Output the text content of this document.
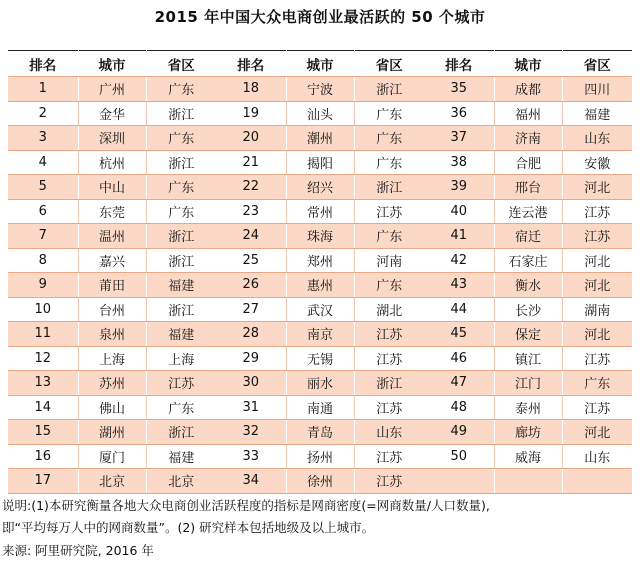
2015 年中国大众电商创业最活跃的 50 个城市
排名	城市	省区	排名	城市	省区	排名	城市	省区
1	广州	广东	18	宁波	浙江	35	成都	四川
2	金华	浙江	19	汕头	广东	36	福州	福建
3	深圳	广东	20	潮州	广东	37	济南	山东
4	杭州	浙江	21	揭阳	广东	38	合肥	安徽
5	中山	广东	22	绍兴	浙江	39	邢台	河北
6	东莞	广东	23	常州	江苏	40	连云港	江苏
7	温州	浙江	24	珠海	广东	41	宿迁	江苏
8	嘉兴	浙江	25	郑州	河南	42	石家庄	河北
9	莆田	福建	26	惠州	广东	43	衡水	河北
10	台州	浙江	27	武汉	湖北	44	长沙	湖南
11	泉州	福建	28	南京	江苏	45	保定	河北
12	上海	上海	29	无锡	江苏	46	镇江	江苏
13	苏州	江苏	30	丽水	浙江	47	江门	广东
14	佛山	广东	31	南通	江苏	48	泰州	江苏
15	湖州	浙江	32	青岛	山东	49	廊坊	河北
16	厦门	福建	33	扬州	江苏	50	威海	山东
17	北京	北京	34	徐州	江苏			
说明:(1)本研究衡量各地大众电商创业活跃程度的指标是网商密度(=网商数量/人口数量),
即“平均每万人中的网商数量”。(2) 研究样本包括地级及以上城市。
来源: 阿里研究院, 2016 年
